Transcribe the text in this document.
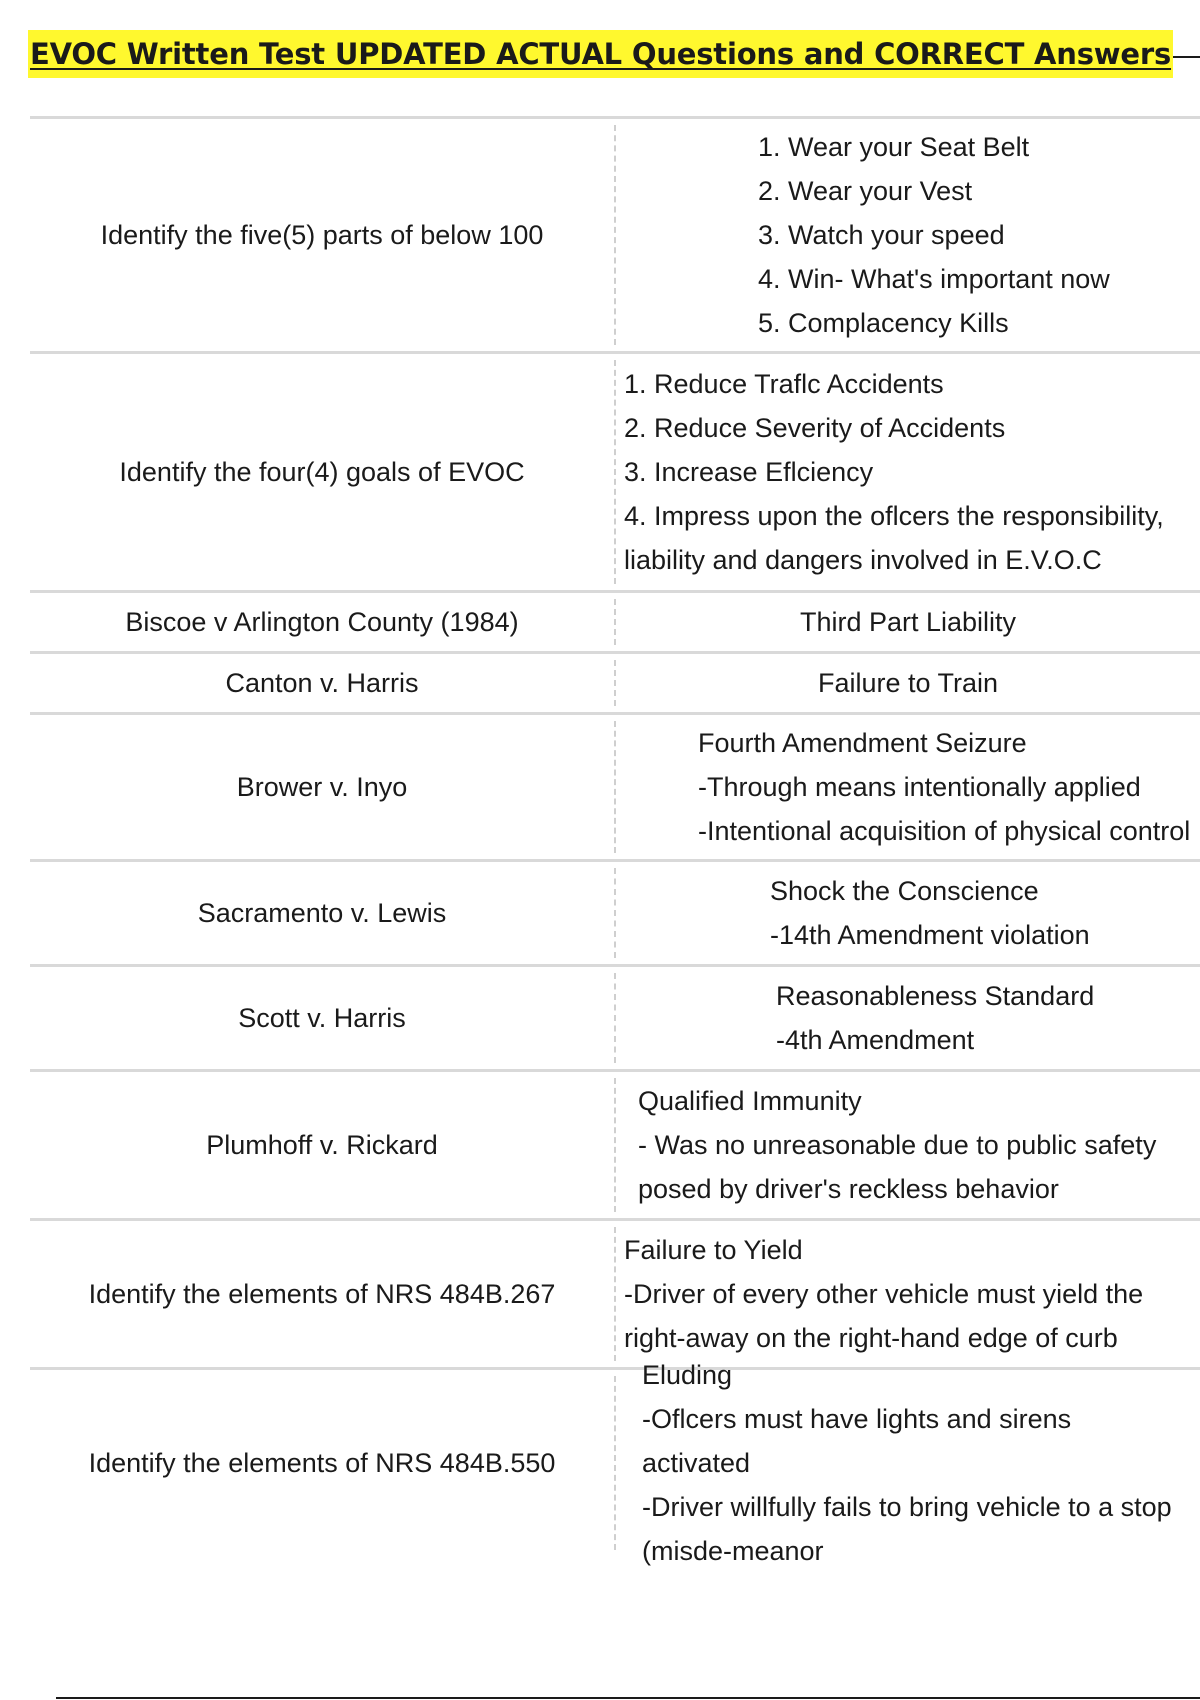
EVOC Written Test UPDATED ACTUAL Questions and CORRECT Answers
Identify the five(5) parts of below 100
1. Wear your Seat Belt
2. Wear your Vest
3. Watch your speed
4. Win- What's important now
5. Complacency Kills
Identify the four(4) goals of EVOC
1. Reduce Traflc Accidents
2. Reduce Severity of Accidents
3. Increase Eflciency
4. Impress upon the oflcers the responsibility, liability and dangers involved in E.V.O.C
Biscoe v Arlington County (1984)	Third Part Liability
Canton v. Harris	Failure to Train
Brower v. Inyo
Fourth Amendment Seizure
-Through means intentionally applied
-Intentional acquisition of physical control
Sacramento v. Lewis
Shock the Conscience
-14th Amendment violation
Scott v. Harris
Reasonableness Standard
-4th Amendment
Plumhoff v. Rickard
Qualified Immunity
- Was no unreasonable due to public safety posed by driver's reckless behavior
Identify the elements of NRS 484B.267
Failure to Yield
-Driver of every other vehicle must yield the right-away on the right-hand edge of curb
Identify the elements of NRS 484B.550
Eluding
-Oflcers must have lights and sirens activated
-Driver willfully fails to bring vehicle to a stop (misde-meanor
